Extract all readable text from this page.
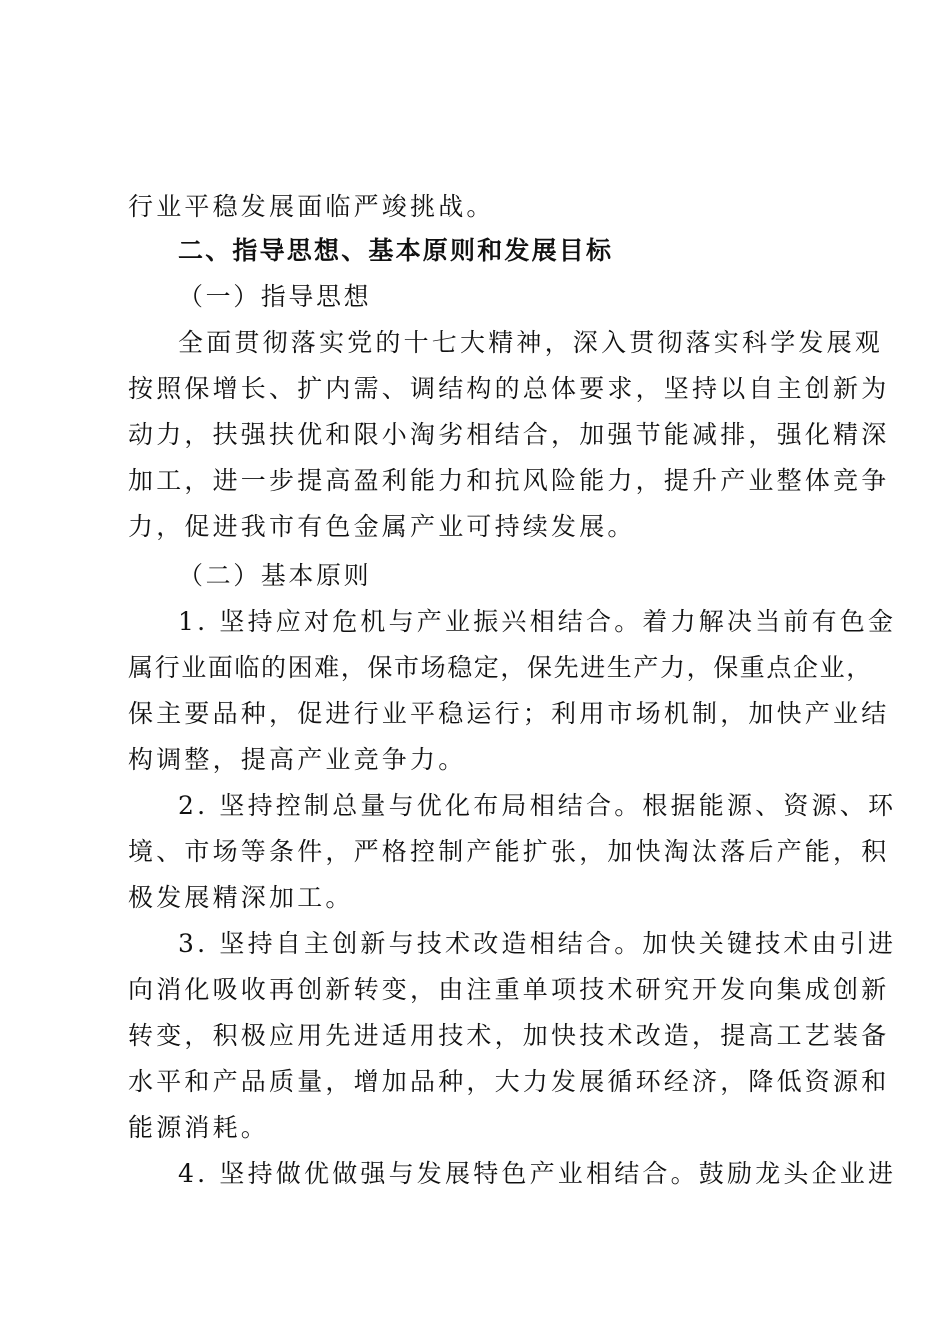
行业平稳发展面临严竣挑战。
二、指导思想、基本原则和发展目标
（一）指导思想
全面贯彻落实党的十七大精神，深入贯彻落实科学发展观
按照保增长、扩内需、调结构的总体要求，坚持以自主创新为
动力，扶强扶优和限小淘劣相结合，加强节能减排，强化精深
加工，进一步提高盈利能力和抗风险能力，提升产业整体竞争
力，促进我市有色金属产业可持续发展。
（二）基本原则
1. 坚持应对危机与产业振兴相结合。着力解决当前有色金
属行业面临的困难，保市场稳定，保先进生产力，保重点企业，
保主要品种，促进行业平稳运行；利用市场机制，加快产业结
构调整，提高产业竞争力。
2. 坚持控制总量与优化布局相结合。根据能源、资源、环
境、市场等条件，严格控制产能扩张，加快淘汰落后产能，积
极发展精深加工。
3. 坚持自主创新与技术改造相结合。加快关键技术由引进
向消化吸收再创新转变，由注重单项技术研究开发向集成创新
转变，积极应用先进适用技术，加快技术改造，提高工艺装备
水平和产品质量，增加品种，大力发展循环经济，降低资源和
能源消耗。
4. 坚持做优做强与发展特色产业相结合。鼓励龙头企业进
